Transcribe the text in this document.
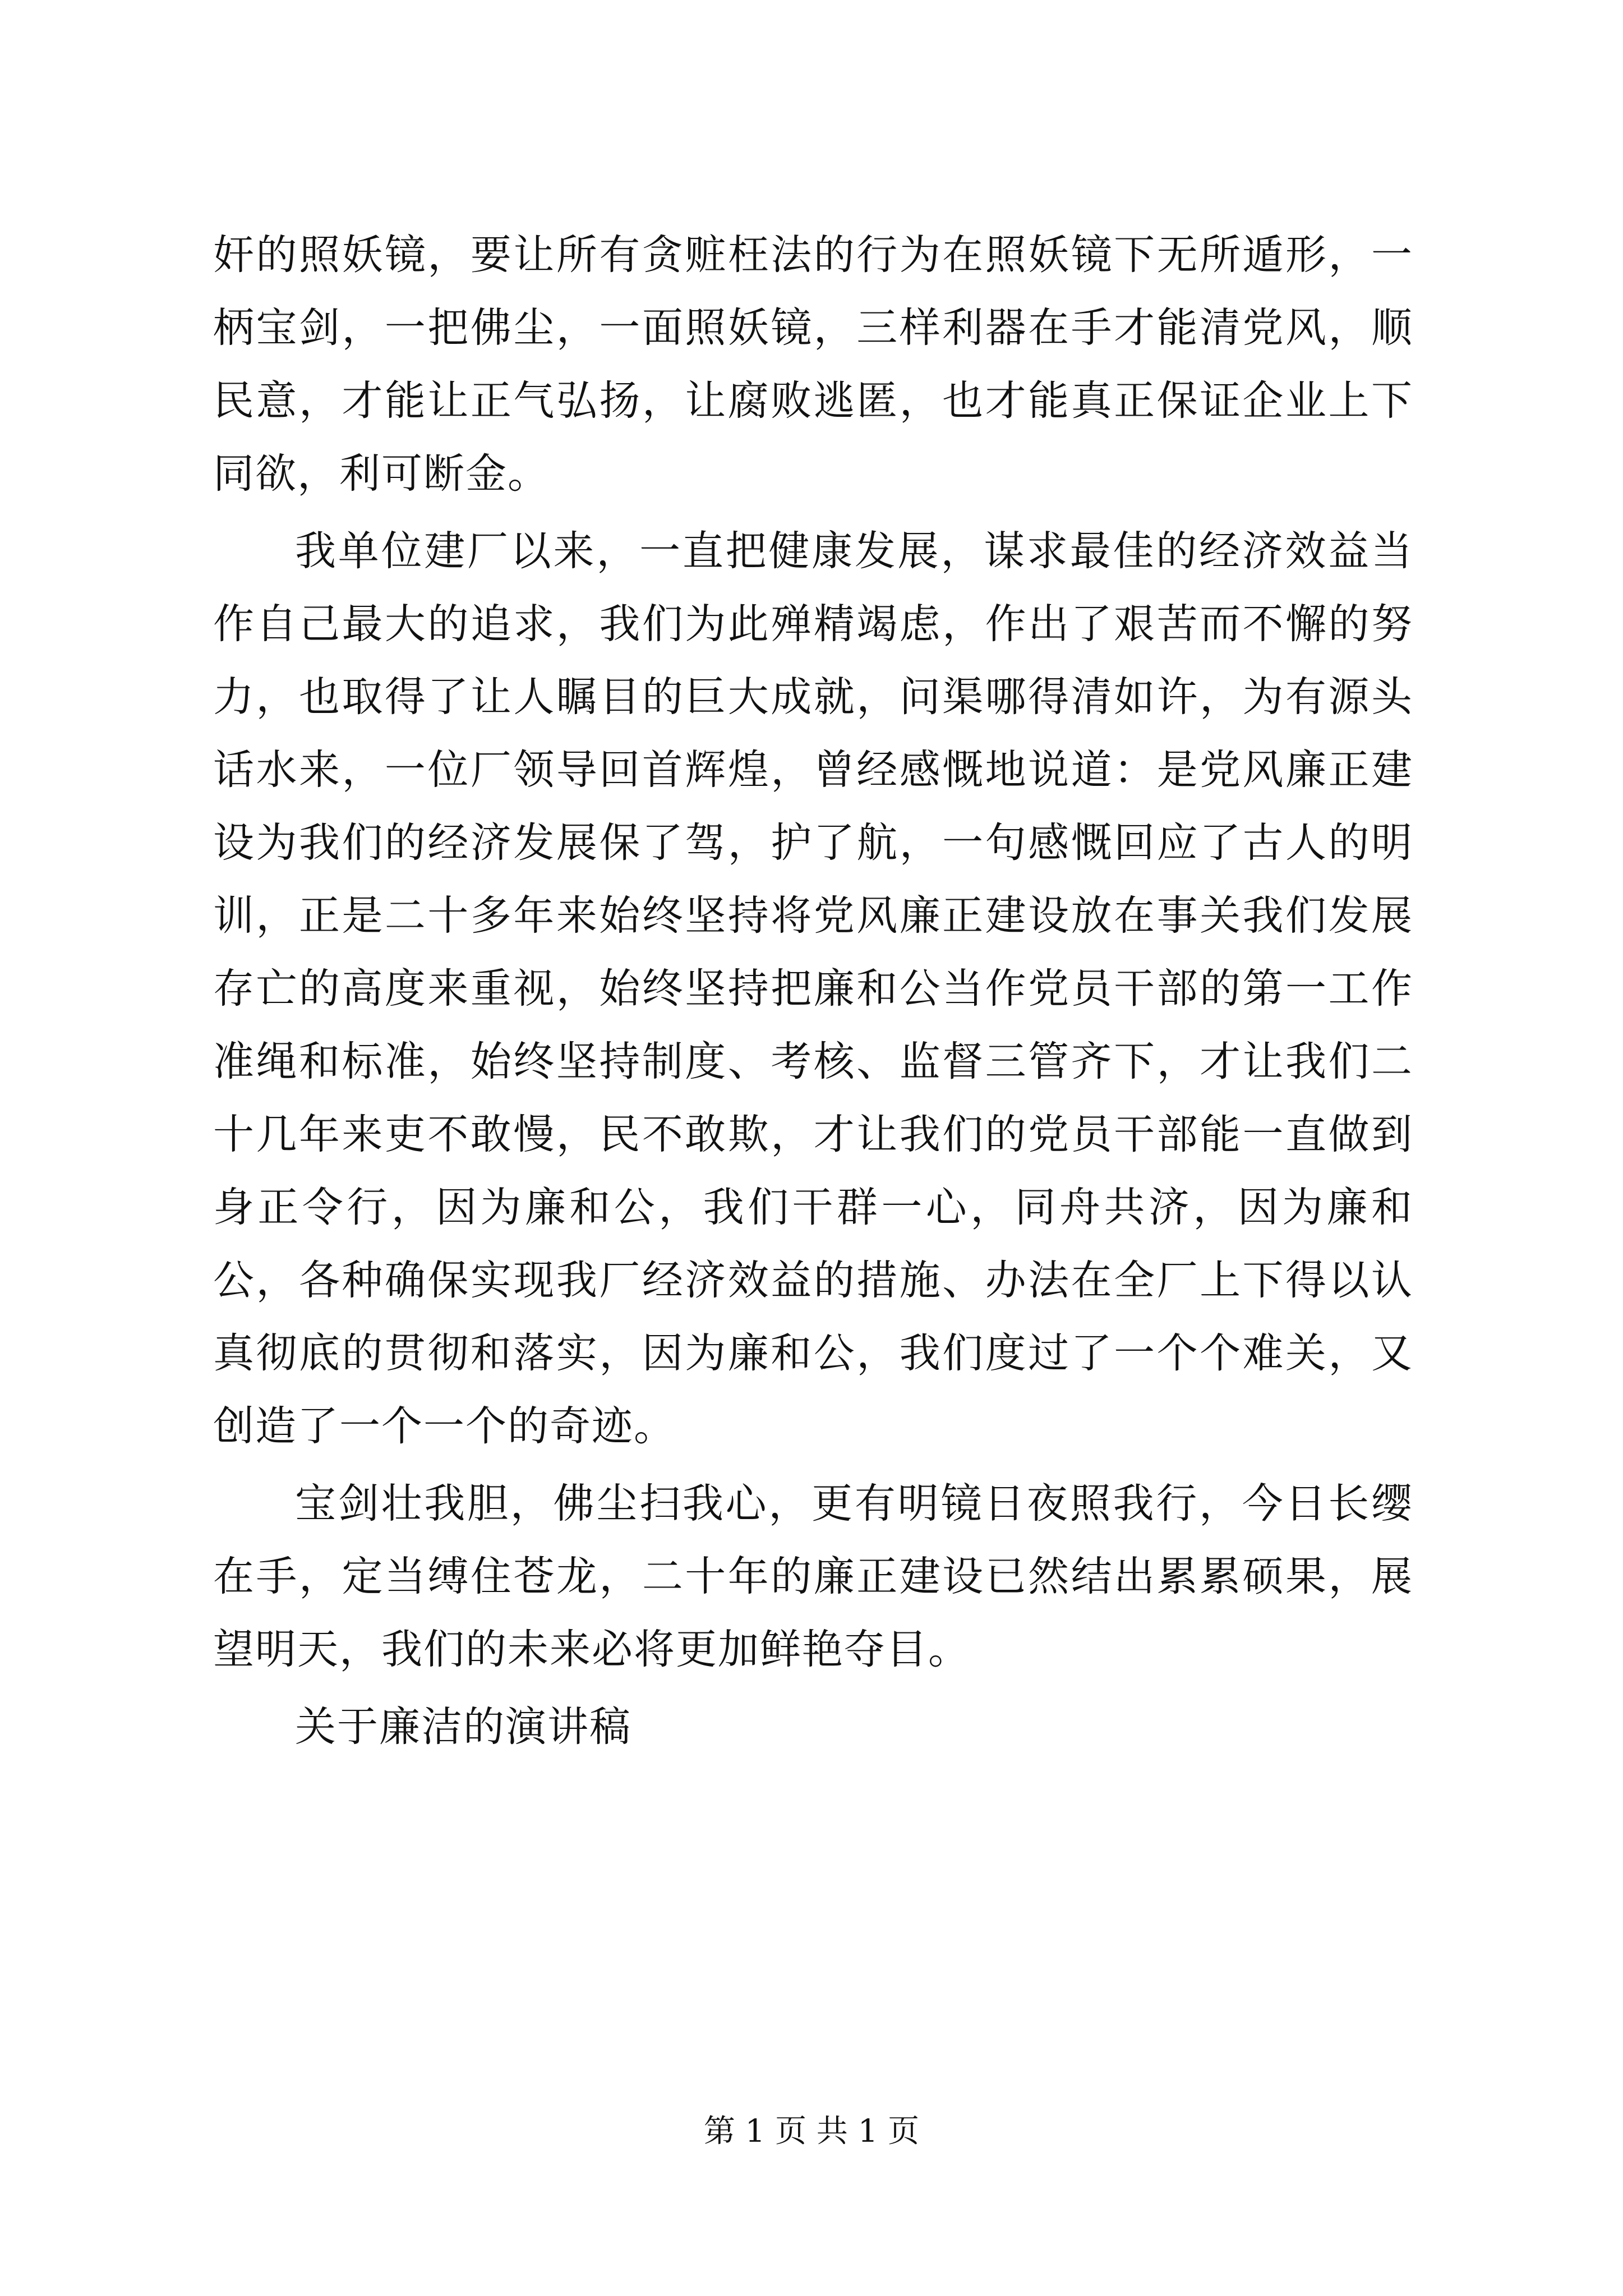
奸的照妖镜，要让所有贪赃枉法的行为在照妖镜下无所遁形，一柄宝剑，一把佛尘，一面照妖镜，三样利器在手才能清党风，顺民意，才能让正气弘扬，让腐败逃匿，也才能真正保证企业上下同欲，利可断金。

我单位建厂以来，一直把健康发展，谋求最佳的经济效益当作自己最大的追求，我们为此殚精竭虑，作出了艰苦而不懈的努力，也取得了让人瞩目的巨大成就，问渠哪得清如许，为有源头话水来，一位厂领导回首辉煌，曾经感慨地说道：是党风廉正建设为我们的经济发展保了驾，护了航，一句感慨回应了古人的明训，正是二十多年来始终坚持将党风廉正建设放在事关我们发展存亡的高度来重视，始终坚持把廉和公当作党员干部的第一工作准绳和标准，始终坚持制度、考核、监督三管齐下，才让我们二十几年来吏不敢慢，民不敢欺，才让我们的党员干部能一直做到身正令行，因为廉和公，我们干群一心，同舟共济，因为廉和公，各种确保实现我厂经济效益的措施、办法在全厂上下得以认真彻底的贯彻和落实，因为廉和公，我们度过了一个个难关，又创造了一个一个的奇迹。

宝剑壮我胆，佛尘扫我心，更有明镜日夜照我行，今日长缨在手，定当缚住苍龙，二十年的廉正建设已然结出累累硕果，展望明天，我们的未来必将更加鲜艳夺目。

关于廉洁的演讲稿

第 1 页 共 1 页
